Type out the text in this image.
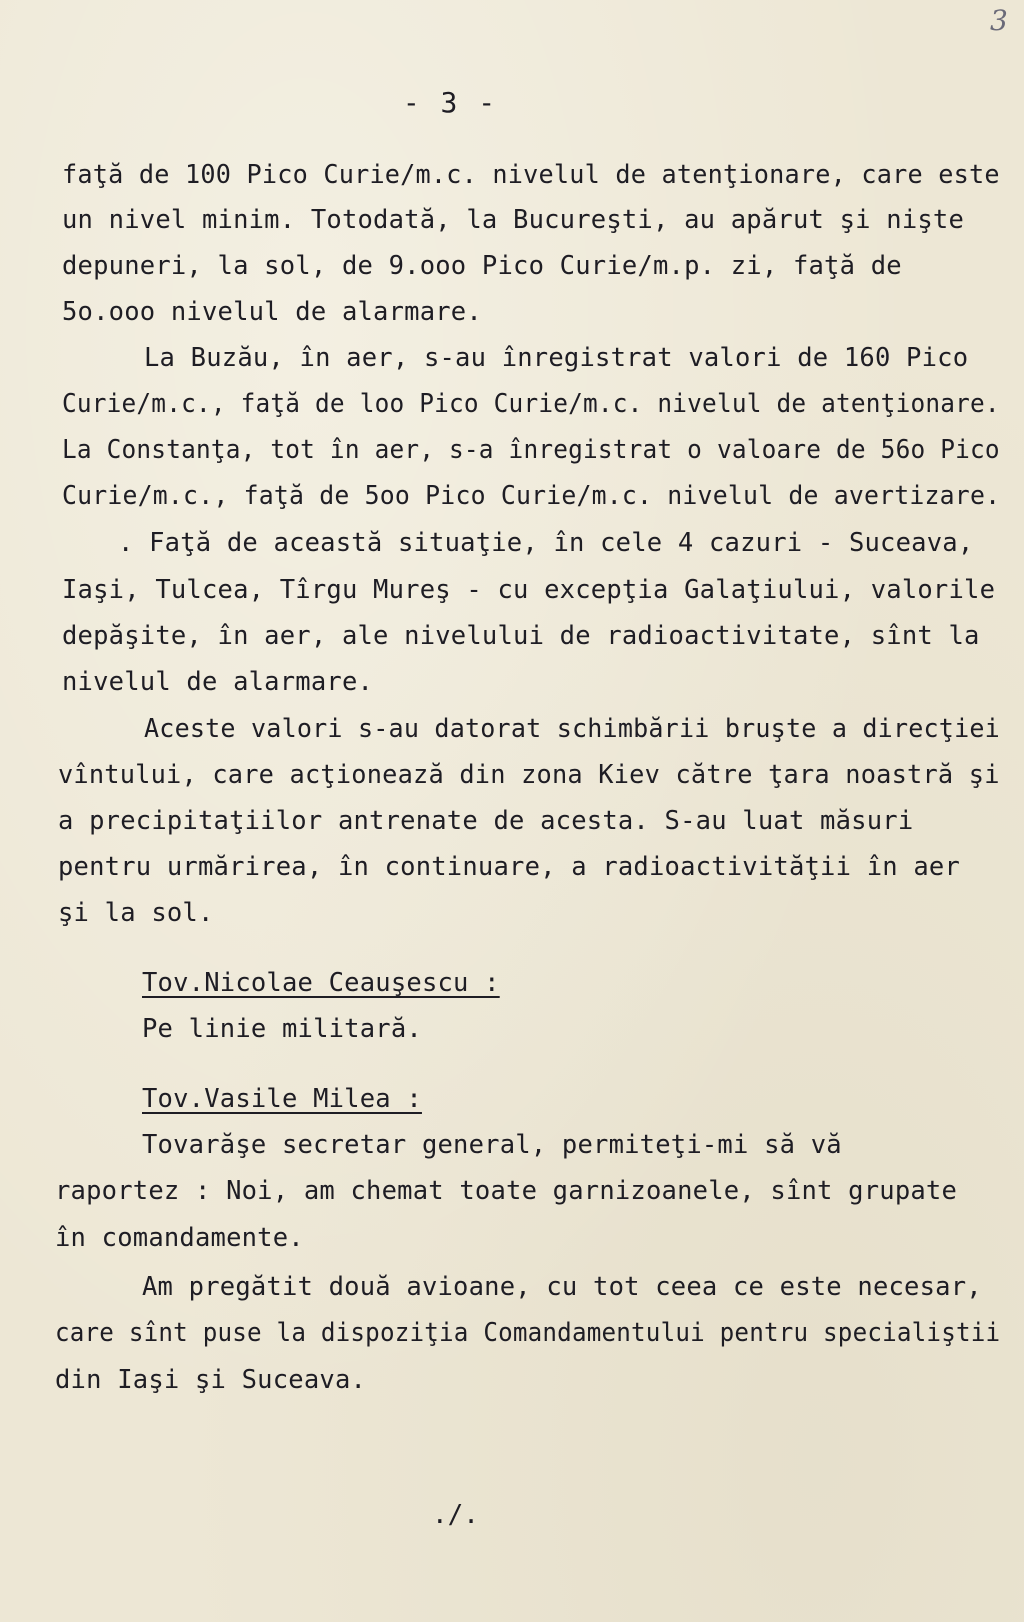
3
- 3 -
faţă de 100 Pico Curie/m.c. nivelul de atenţionare, care este
un nivel minim. Totodată, la Bucureşti, au apărut şi nişte
depuneri, la sol, de 9.ooo Pico Curie/m.p. zi, faţă de
5o.ooo nivelul de alarmare.
La Buzău, în aer, s-au înregistrat valori de 160 Pico
Curie/m.c., faţă de loo Pico Curie/m.c. nivelul de atenţionare.
La Constanţa, tot în aer, s-a înregistrat o valoare de 56o Pico
Curie/m.c., faţă de 5oo Pico Curie/m.c. nivelul de avertizare.
. Faţă de această situaţie, în cele 4 cazuri - Suceava,
Iaşi, Tulcea, Tîrgu Mureş - cu excepţia Galaţiului, valorile
depăşite, în aer, ale nivelului de radioactivitate, sînt la
nivelul de alarmare.
Aceste valori s-au datorat schimbării bruşte a direcţiei
vîntului, care acţionează din zona Kiev către ţara noastră şi
a precipitaţiilor antrenate de acesta. S-au luat măsuri
pentru urmărirea, în continuare, a radioactivităţii în aer
şi la sol.
Tov.Nicolae Ceauşescu :
Pe linie militară.
Tov.Vasile Milea :
Tovarăşe secretar general, permiteţi-mi să vă
raportez : Noi, am chemat toate garnizoanele, sînt grupate
în comandamente.
Am pregătit două avioane, cu tot ceea ce este necesar,
care sînt puse la dispoziţia Comandamentului pentru specialiştii
din Iaşi şi Suceava.
./.
